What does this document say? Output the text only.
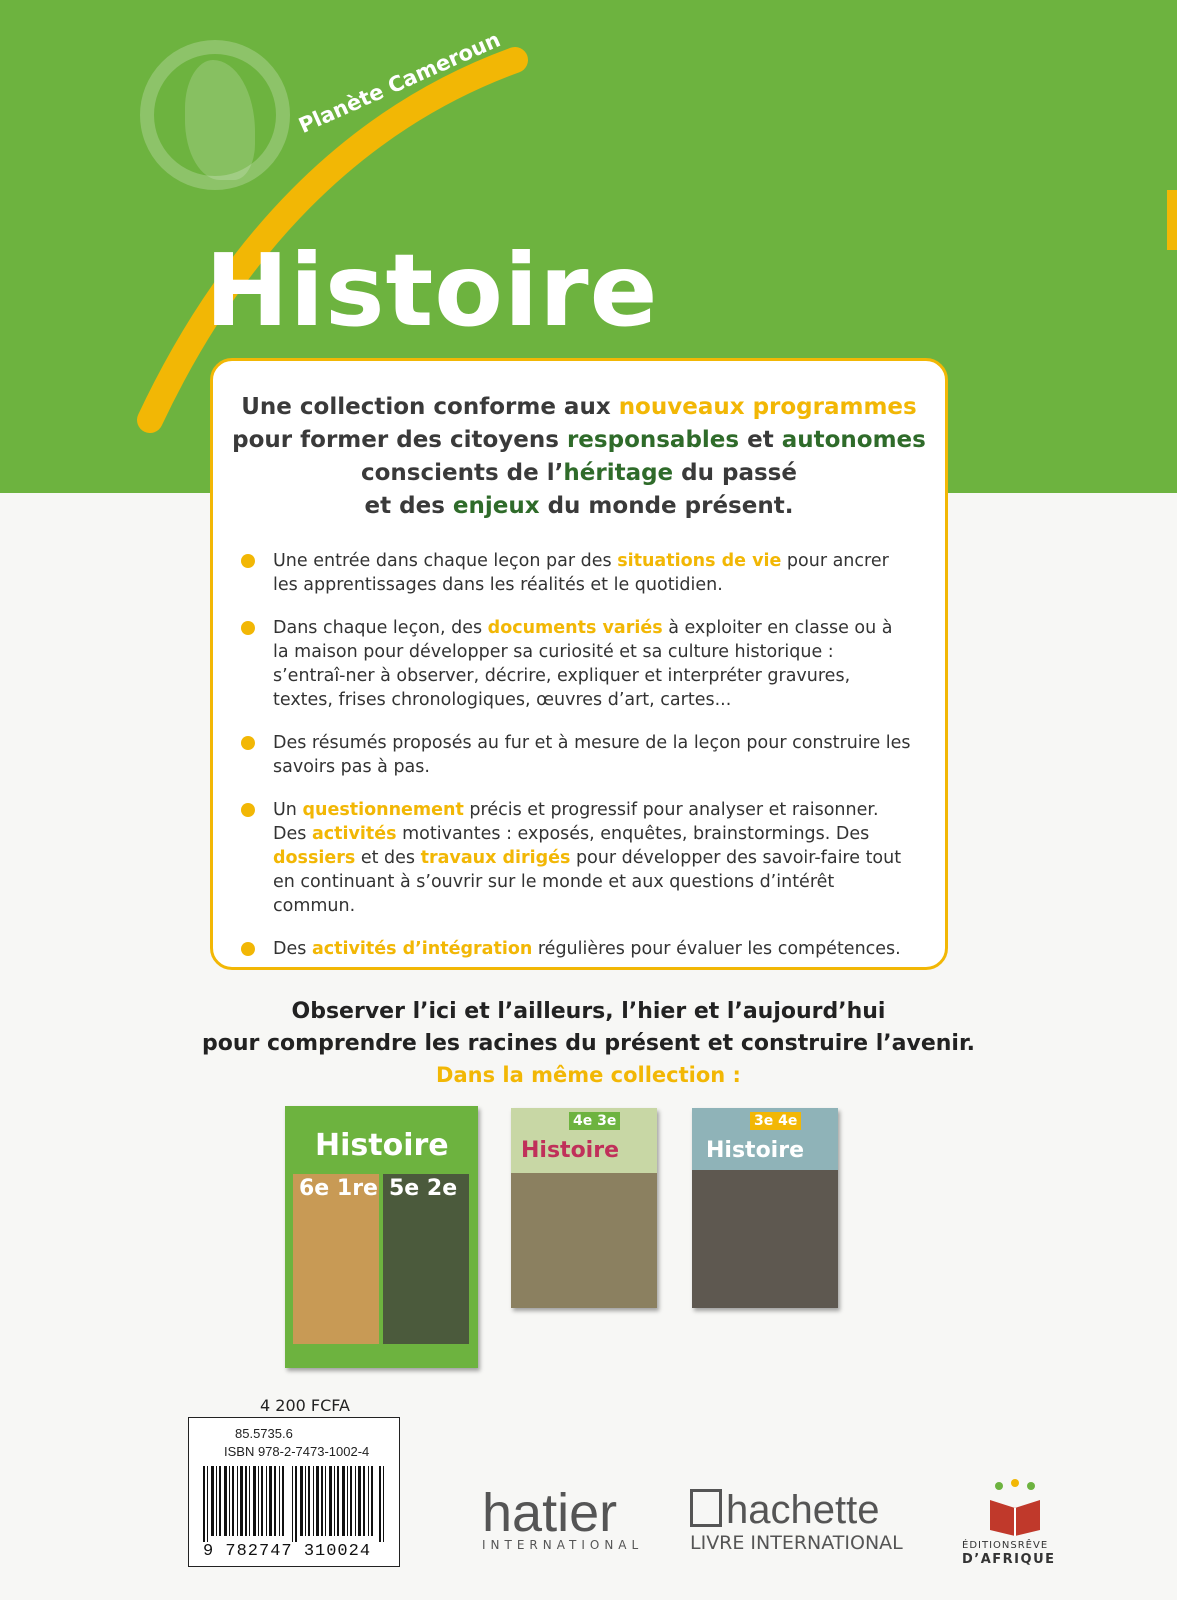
Planète Cameroun
Histoire
Une collection conforme aux nouveaux programmes
pour former des citoyens responsables et autonomes
conscients de l’héritage du passé
et des enjeux du monde présent.
Une entrée dans chaque leçon par des situations de vie pour ancrer les apprentissages dans les réalités et le quotidien.
Dans chaque leçon, des documents variés à exploiter en classe ou à la maison pour développer sa curiosité et sa culture historique : s’entraî-ner à observer, décrire, expliquer et interpréter gravures, textes, frises chronologiques, œuvres d’art, cartes...
Des résumés proposés au fur et à mesure de la leçon pour construire les savoirs pas à pas.
Un questionnement précis et progressif pour analyser et raisonner. Des activités motivantes : exposés, enquêtes, brainstormings. Des dossiers et des travaux dirigés pour développer des savoir-faire tout en continuant à s’ouvrir sur le monde et aux questions d’intérêt commun.
Des activités d’intégration régulières pour évaluer les compétences.
Observer l’ici et l’ailleurs, l’hier et l’aujourd’hui
pour comprendre les racines du présent et construire l’avenir.
Dans la même collection :
Histoire
6e 1re 5e 2e
4e 3e
Histoire
3e 4e
Histoire
4 200 FCFA
85.5735.6
ISBN 978-2-7473-1002-4
9 782747 310024
hatier
INTERNATIONAL
hachette
LIVRE INTERNATIONAL	ÉDITIONSRÊVE
D’AFRIQUE
